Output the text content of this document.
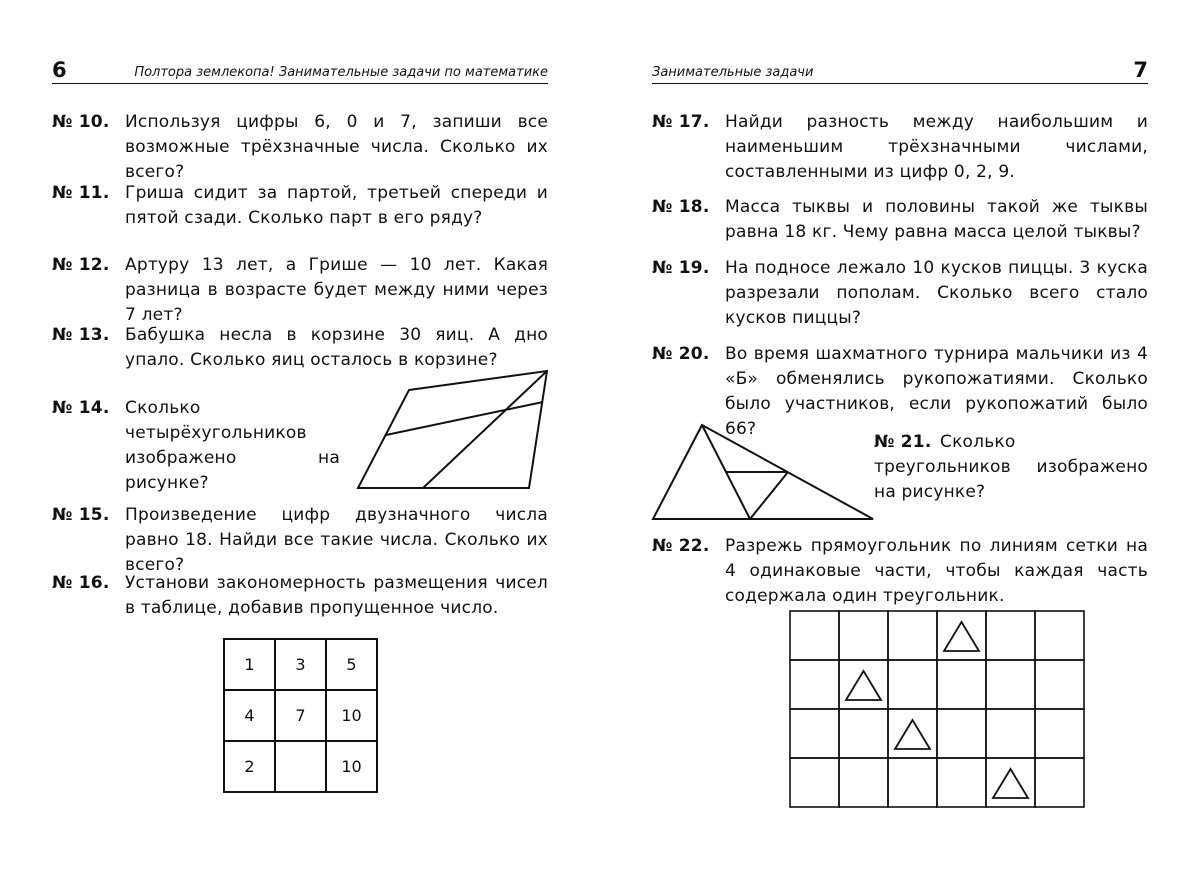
6	Полтора землекопа! Занимательные задачи по математике
№ 10. Используя цифры 6, 0 и 7, запиши все возможные трёхзначные числа. Сколько их всего?
№ 11. Гриша сидит за партой, третьей спереди и пятой сзади. Сколько парт в его ряду?
№ 12. Артуру 13 лет, а Грише — 10 лет. Какая разница в возрасте будет между ними через 7 лет?
№ 13. Бабушка несла в корзине 30 яиц. А дно упало. Сколько яиц осталось в корзине?
№ 14. Сколько четырёхугольников изображено на рисунке?
№ 15. Произведение цифр двузначного числа равно 18. Найди все такие числа. Сколько их всего?
№ 16. Установи закономерность размещения чисел в таблице, добавив пропущенное число.
1	3	5
4	7	10
2		10
Занимательные задачи	7
№ 17. Найди разность между наибольшим и наименьшим трёхзначными числами, составленными из цифр 0, 2, 9.
№ 18. Масса тыквы и половины такой же тыквы равна 18 кг. Чему равна масса целой тыквы?
№ 19. На подносе лежало 10 кусков пиццы. 3 куска разрезали пополам. Сколько всего стало кусков пиццы?
№ 20. Во время шахматного турнира мальчики из 4 «Б» обменялись рукопожатиями. Сколько было участников, если рукопожатий было 66?
№ 21. Сколько треугольников изображено на рисунке?
№ 22. Разрежь прямоугольник по линиям сетки на 4 одинаковые части, чтобы каждая часть содержала один треугольник.
